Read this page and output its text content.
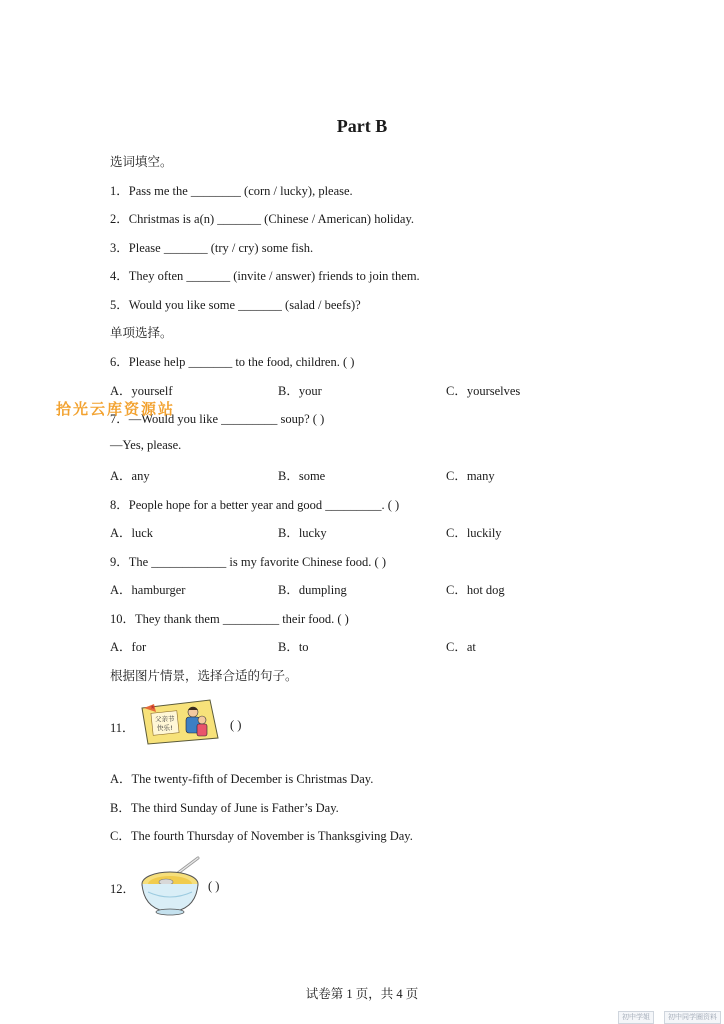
Part B
选词填空。
1．Pass me the ________ (corn / lucky), please.
2．Christmas is a(n) _______ (Chinese / American) holiday.
3．Please _______ (try / cry) some fish.
4．They often _______ (invite / answer) friends to join them.
5．Would you like some _______ (salad / beefs)?
单项选择。
6．Please help _______ to the food, children. ( )
A．yourself	B．your	C．yourselves
7．—Would you like _________ soup? ( )
拾光云库资源站
—Yes, please.
A．any	B．some	C．many
8．People hope for a better year and good _________. ( )
A．luck	B．lucky	C．luckily
9．The ____________ is my favorite Chinese food. ( )
A．hamburger	B．dumpling	C．hot dog
10．They thank them _________ their food. ( )
A．for	B．to	C．at
根据图片情景，选择合适的句子。
11．
★
父亲节
快乐!	( )
A．The twenty-fifth of December is Christmas Day.
B．The third Sunday of June is Father’s Day.
C．The fourth Thursday of November is Thanksgiving Day.
12．	( )
试卷第 1 页，共 4 页
初中学姐	初中同学圈资料
